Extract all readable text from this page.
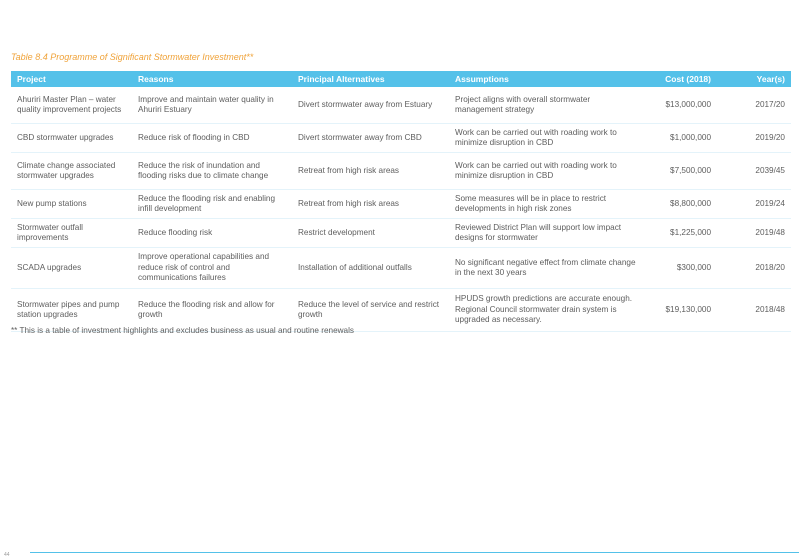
Table 8.4 Programme of Significant Stormwater Investment**
Project	Reasons	Principal Alternatives	Assumptions	Cost (2018)	Year(s)
Ahuriri Master Plan – water quality improvement projects	Improve and maintain water quality in Ahuriri Estuary	Divert stormwater away from Estuary	Project aligns with overall stormwater management strategy	$13,000,000	2017/20
CBD stormwater upgrades	Reduce risk of flooding in CBD	Divert stormwater away from CBD	Work can be carried out with roading work to minimize disruption in CBD	$1,000,000	2019/20
Climate change associated stormwater upgrades	Reduce the risk of inundation and flooding risks due to climate change	Retreat from high risk areas	Work can be carried out with roading work to minimize disruption in CBD	$7,500,000	2039/45
New pump stations	Reduce the flooding risk and enabling infill development	Retreat from high risk areas	Some measures will be in place to restrict developments in high risk zones	$8,800,000	2019/24
Stormwater outfall improvements	Reduce flooding risk	Restrict development	Reviewed District Plan will support low impact designs for stormwater	$1,225,000	2019/48
SCADA upgrades	Improve operational capabilities and reduce risk of control and communications failures	Installation of additional outfalls	No significant negative effect from climate change in the next 30 years	$300,000	2018/20
Stormwater pipes and pump station upgrades	Reduce the flooding risk and allow for growth	Reduce the level of service and restrict growth	HPUDS growth predictions are accurate enough. Regional Council stormwater drain system is upgraded as necessary.	$19,130,000	2018/48
** This is a table of investment highlights and excludes business as usual and routine renewals
44
